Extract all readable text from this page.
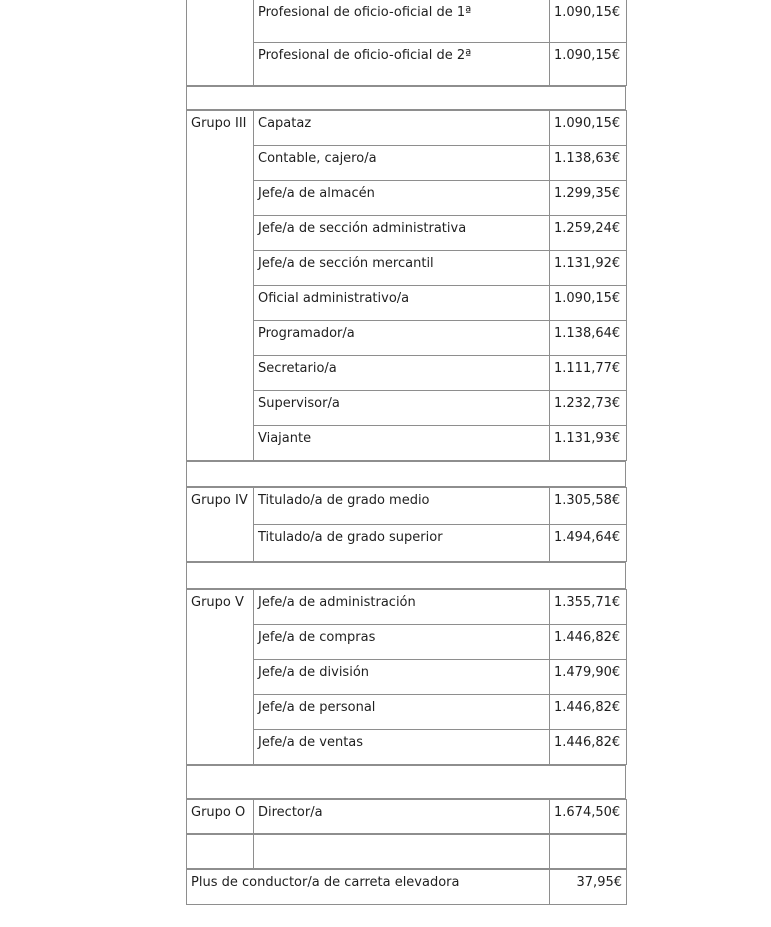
	Profesional de oficio-oficial de 1ª	1.090,15€
	Profesional de oficio-oficial de 2ª	1.090,15€
Grupo III	Capataz	1.090,15€
	Contable, cajero/a	1.138,63€
	Jefe/a de almacén	1.299,35€
	Jefe/a de sección administrativa	1.259,24€
	Jefe/a de sección mercantil	1.131,92€
	Oficial administrativo/a	1.090,15€
	Programador/a	1.138,64€
	Secretario/a	1.111,77€
	Supervisor/a	1.232,73€
	Viajante	1.131,93€
Grupo IV	Titulado/a de grado medio	1.305,58€
	Titulado/a de grado superior	1.494,64€
Grupo V	Jefe/a de administración	1.355,71€
	Jefe/a de compras	1.446,82€
	Jefe/a de división	1.479,90€
	Jefe/a de personal	1.446,82€
	Jefe/a de ventas	1.446,82€
Grupo O	Director/a	1.674,50€

Plus de conductor/a de carreta elevadora	37,95€
